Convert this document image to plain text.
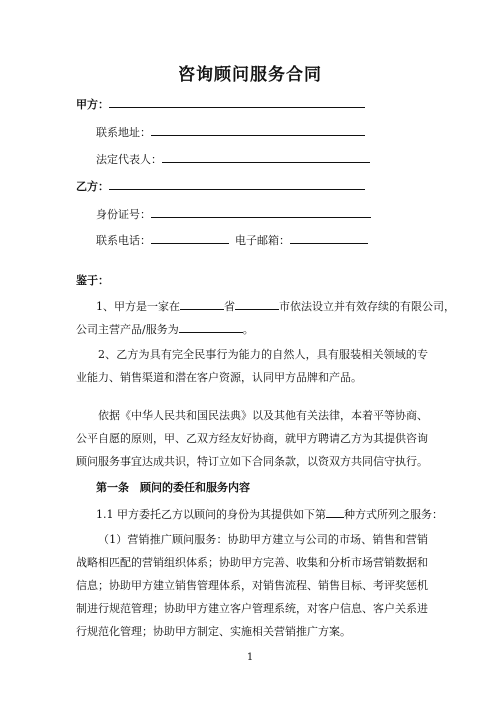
咨询顾问服务合同
甲方：
联系地址：
法定代表人：
乙方：
身份证号：
联系电话：	电子邮箱：
鉴于：
1、甲方是一家在	省	市依法设立并有效存续的有限公司，
公司主营产品/服务为	。
2、乙方为具有完全民事行为能力的自然人，具有服装相关领域的专业能力、销售渠道和潜在客户资源，认同甲方品牌和产品。
依据《中华人民共和国民法典》以及其他有关法律，本着平等协商、公平自愿的原则，甲、乙双方经友好协商，就甲方聘请乙方为其提供咨询顾问服务事宜达成共识，特订立如下合同条款，以资双方共同信守执行。
第一条　顾问的委任和服务内容
1.1 甲方委托乙方以顾问的身份为其提供如下第 种方式所列之服务：
（1）营销推广顾问服务：协助甲方建立与公司的市场、销售和营销战略相匹配的营销组织体系；协助甲方完善、收集和分析市场营销数据和信息；协助甲方建立销售管理体系，对销售流程、销售目标、考评奖惩机制进行规范管理；协助甲方建立客户管理系统，对客户信息、客户关系进行规范化管理；协助甲方制定、实施相关营销推广方案。
1
